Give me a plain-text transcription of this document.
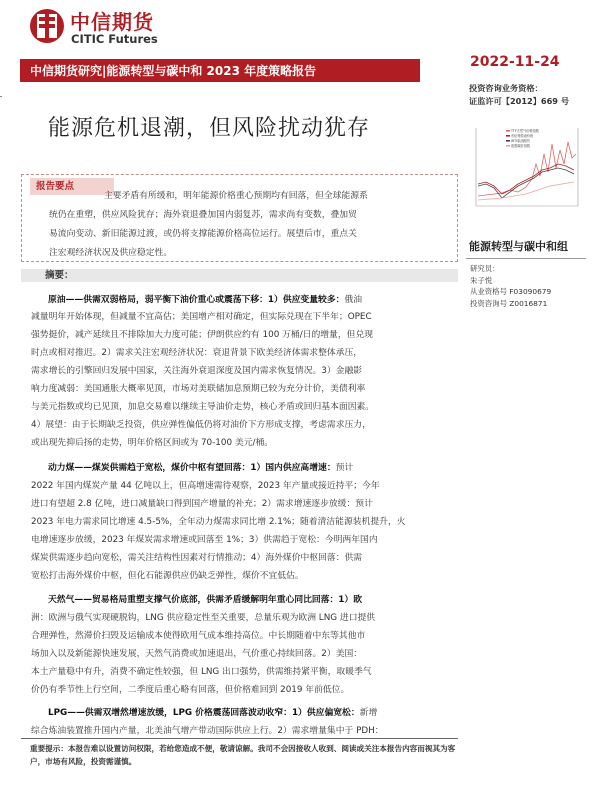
中信期货
CITIC Futures
中信期货研究|能源转型与碳中和 2023 年度策略报告
2022-11-24
投资咨询业务资格：
证监许可【2012】669 号
能源危机退潮，但风险扰动犹存	TTF天然气价格指数
布伦特原油价格
WTI原油期货
欧盟碳价指数
能源转型与碳中和组
研究员：
朱子悦
从业资格号 F03090679
投资咨询号 Z0016871
报告要点
主要矛盾有所缓和，明年能源价格重心预期均有回落，但全球能源系
统仍在重塑，供应风险犹存；海外衰退叠加国内弱复苏，需求尚有变数，叠加贸
易流向变动、新旧能源过渡，或仍将支撑能源价格高位运行。展望后市，重点关
注宏观经济状况及供应稳定性。
摘要：
原油——供需双弱格局，弱平衡下油价重心或震荡下移：1）供应变量较多：俄油
减量明年开始体现，但减量不宜高估；美国增产相对确定，但实际兑现在下半年；OPEC
强势挺价，减产延续且不排除加大力度可能；伊朗供应约有 100 万桶/日的增量，但兑现
时点或相对推迟。2）需求关注宏观经济状况：衰退背景下欧美经济体需求整体承压，
需求增长的引擎回归发展中国家，关注海外衰退深度及国内需求恢复情况。3）金融影
响力度减弱：美国通胀大概率见顶，市场对美联储加息预期已较为充分计价，美债利率
与美元指数或均已见顶，加息交易难以继续主导油价走势，核心矛盾或回归基本面因素。
4）展望：由于长期缺乏投资，供应弹性偏低仍将对油价下方形成支撑，考虑需求压力，
或出现先抑后扬的走势，明年价格区间或为 70-100 美元/桶。
动力煤——煤炭供需趋于宽松，煤价中枢有望回落：1）国内供应高增速：预计
2022 年国内煤炭产量 44 亿吨以上，但高增速需待观察，2023 年产量或接近持平；今年
进口有望超 2.8 亿吨，进口减量缺口得到国产增量的补充；2）需求增速逐步放缓：预计
2023 年电力需求同比增速 4.5-5%，全年动力煤需求同比增 2.1%；随着清洁能源装机提升，火
电增速逐步放缓，2023 年煤炭需求增速或回落至 1%；3）供需趋于宽松：今明两年国内
煤炭供需逐步趋向宽松，需关注结构性因素对行情推动；4）海外煤价中枢回落：供需
宽松打击海外煤价中枢，但化石能源供应仍缺乏弹性，煤价不宜低估。
天然气——贸易格局重塑支撑气价底部，供需矛盾缓解明年重心同比回落：1）欧
洲：欧洲与俄气实现硬脱钩，LNG 供应稳定性至关重要，总量乐观为欧洲 LNG 进口提供
合理弹性，然滞价扫毁及运输成本使得欧用气成本维持高位。中长期随着中东等其他市
场加入以及新能源快速发展，天然气消费或加速退出，气价重心持续回落。2）美国：
本土产量稳中有升，消费不确定性较强，但 LNG 出口强势，供需维持紧平衡，取暖季气
价仍有季节性上行空间，二季度后重心略有回落，但价格难回到 2019 年前低位。
LPG——供需双增然增速放缓，LPG 价格震荡回落波动收窄：1）供应偏宽松：新增
综合炼油装置推升国内产量，北美油气增产带动国际供应上行。2）需求增量集中于 PDH：
重要提示：本报告难以设置访问权限，若给您造成不便，敬请谅解。我司不会因接收人收到、阅读或关注本报告内容而视其为客
户，市场有风险，投资需谨慎。
